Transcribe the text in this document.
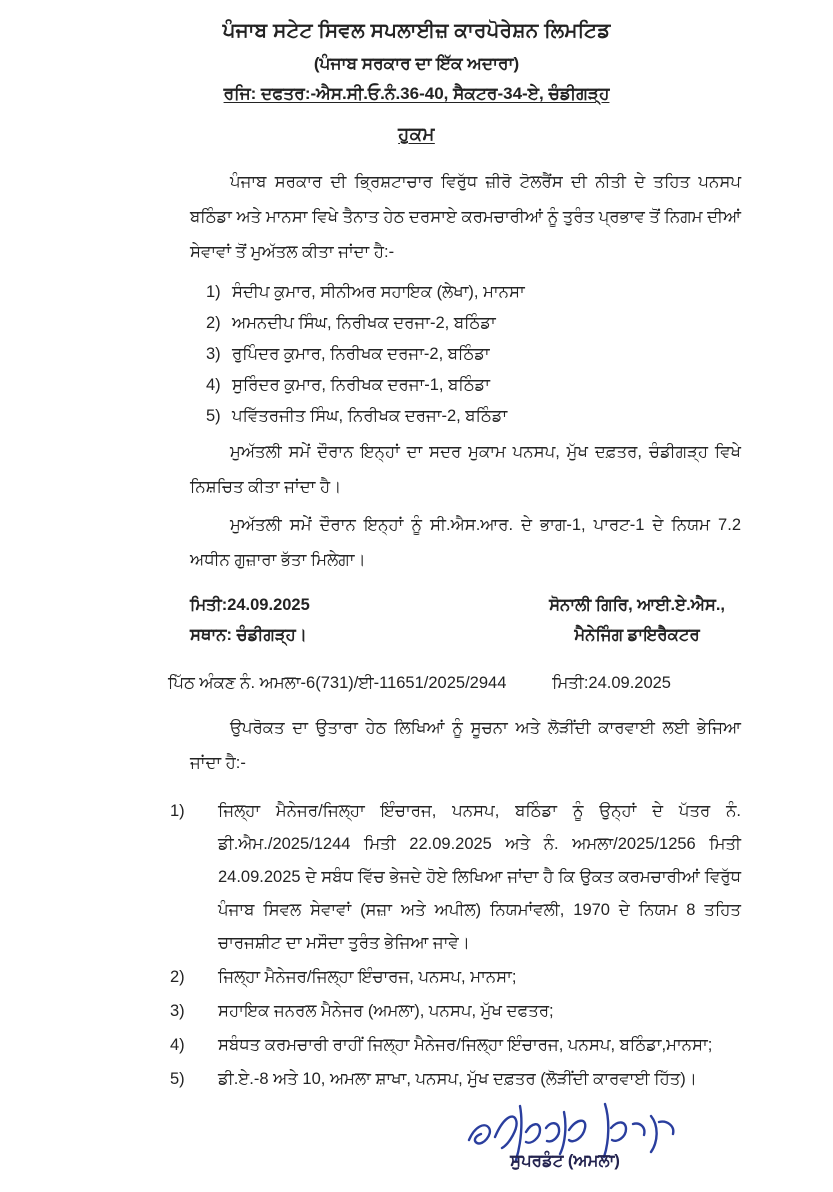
ਪੰਜਾਬ ਸਟੇਟ ਸਿਵਲ ਸਪਲਾਈਜ਼ ਕਾਰਪੋਰੇਸ਼ਨ ਲਿਮਟਿਡ
(ਪੰਜਾਬ ਸਰਕਾਰ ਦਾ ਇੱਕ ਅਦਾਰਾ)
ਰਜਿ: ਦਫਤਰ:-ਐਸ.ਸੀ.ਓ.ਨੰ.36-40, ਸੈਕਟਰ-34-ਏ, ਚੰਡੀਗੜ੍ਹ
ਹੁਕਮ

ਪੰਜਾਬ ਸਰਕਾਰ ਦੀ ਭ੍ਰਿਸ਼ਟਾਚਾਰ ਵਿਰੁੱਧ ਜ਼ੀਰੋ ਟੋਲਰੈਂਸ ਦੀ ਨੀਤੀ ਦੇ ਤਹਿਤ ਪਨਸਪ ਬਠਿੰਡਾ ਅਤੇ ਮਾਨਸਾ ਵਿਖੇ ਤੈਨਾਤ ਹੇਠ ਦਰਸਾਏ ਕਰਮਚਾਰੀਆਂ ਨੂੰ ਤੁਰੰਤ ਪ੍ਰਭਾਵ ਤੋਂ ਨਿਗਮ ਦੀਆਂ ਸੇਵਾਵਾਂ ਤੋਂ ਮੁਅੱਤਲ ਕੀਤਾ ਜਾਂਦਾ ਹੈ:-

1) ਸੰਦੀਪ ਕੁਮਾਰ, ਸੀਨੀਅਰ ਸਹਾਇਕ (ਲੇਖਾ), ਮਾਨਸਾ
2) ਅਮਨਦੀਪ ਸਿੰਘ, ਨਿਰੀਖਕ ਦਰਜਾ-2, ਬਠਿੰਡਾ
3) ਰੁਪਿੰਦਰ ਕੁਮਾਰ, ਨਿਰੀਖਕ ਦਰਜਾ-2, ਬਠਿੰਡਾ
4) ਸੁਰਿੰਦਰ ਕੁਮਾਰ, ਨਿਰੀਖਕ ਦਰਜਾ-1, ਬਠਿੰਡਾ
5) ਪਵਿੱਤਰਜੀਤ ਸਿੰਘ, ਨਿਰੀਖਕ ਦਰਜਾ-2, ਬਠਿੰਡਾ

ਮੁਅੱਤਲੀ ਸਮੇਂ ਦੌਰਾਨ ਇਨ੍ਹਾਂ ਦਾ ਸਦਰ ਮੁਕਾਮ ਪਨਸਪ, ਮੁੱਖ ਦਫ਼ਤਰ, ਚੰਡੀਗੜ੍ਹ ਵਿਖੇ ਨਿਸ਼ਚਿਤ ਕੀਤਾ ਜਾਂਦਾ ਹੈ।

ਮੁਅੱਤਲੀ ਸਮੇਂ ਦੌਰਾਨ ਇਨ੍ਹਾਂ ਨੂੰ ਸੀ.ਐਸ.ਆਰ. ਦੇ ਭਾਗ-1, ਪਾਰਟ-1 ਦੇ ਨਿਯਮ 7.2 ਅਧੀਨ ਗੁਜ਼ਾਰਾ ਭੱਤਾ ਮਿਲੇਗਾ।

ਮਿਤੀ:24.09.2025
ਸਥਾਨ: ਚੰਡੀਗੜ੍ਹ।
ਸੋਨਾਲੀ ਗਿਰਿ, ਆਈ.ਏ.ਐਸ.,
ਮੈਨੇਜਿੰਗ ਡਾਇਰੈਕਟਰ
ਪਿੱਠ ਅੰਕਣ ਨੰ. ਅਮਲਾ-6(731)/ਈ-11651/2025/2944	ਮਿਤੀ:24.09.2025

ਉਪਰੋਕਤ ਦਾ ਉਤਾਰਾ ਹੇਠ ਲਿਖਿਆਂ ਨੂੰ ਸੂਚਨਾ ਅਤੇ ਲੋੜੀਂਦੀ ਕਾਰਵਾਈ ਲਈ ਭੇਜਿਆ ਜਾਂਦਾ ਹੈ:-

1)	ਜਿਲ੍ਹਾ ਮੈਨੇਜਰ/ਜਿਲ੍ਹਾ ਇੰਚਾਰਜ, ਪਨਸਪ, ਬਠਿੰਡਾ ਨੂੰ ਉਨ੍ਹਾਂ ਦੇ ਪੱਤਰ ਨੰ. ਡੀ.ਐਮ./2025/1244 ਮਿਤੀ 22.09.2025 ਅਤੇ ਨੰ. ਅਮਲਾ/2025/1256 ਮਿਤੀ 24.09.2025 ਦੇ ਸਬੰਧ ਵਿੱਚ ਭੇਜਦੇ ਹੋਏ ਲਿਖਿਆ ਜਾਂਦਾ ਹੈ ਕਿ ਉਕਤ ਕਰਮਚਾਰੀਆਂ ਵਿਰੁੱਧ ਪੰਜਾਬ ਸਿਵਲ ਸੇਵਾਵਾਂ (ਸਜ਼ਾ ਅਤੇ ਅਪੀਲ) ਨਿਯਮਾਂਵਲੀ, 1970 ਦੇ ਨਿਯਮ 8 ਤਹਿਤ ਚਾਰਜਸ਼ੀਟ ਦਾ ਮਸੌਦਾ ਤੁਰੰਤ ਭੇਜਿਆ ਜਾਵੇ।
2)	ਜਿਲ੍ਹਾ ਮੈਨੇਜਰ/ਜਿਲ੍ਹਾ ਇੰਚਾਰਜ, ਪਨਸਪ, ਮਾਨਸਾ;
3)	ਸਹਾਇਕ ਜਨਰਲ ਮੈਨੇਜਰ (ਅਮਲਾ), ਪਨਸਪ, ਮੁੱਖ ਦਫਤਰ;
4)	ਸਬੰਧਤ ਕਰਮਚਾਰੀ ਰਾਹੀਂ ਜਿਲ੍ਹਾ ਮੈਨੇਜਰ/ਜਿਲ੍ਹਾ ਇੰਚਾਰਜ, ਪਨਸਪ, ਬਠਿੰਡਾ,ਮਾਨਸਾ;
5)	ਡੀ.ਏ.-8 ਅਤੇ 10, ਅਮਲਾ ਸ਼ਾਖਾ, ਪਨਸਪ, ਮੁੱਖ ਦਫ਼ਤਰ (ਲੋੜੀਂਦੀ ਕਾਰਵਾਈ ਹਿੱਤ)।
ਸੁਪਰਡੰਟ (ਅਮਲਾ)
